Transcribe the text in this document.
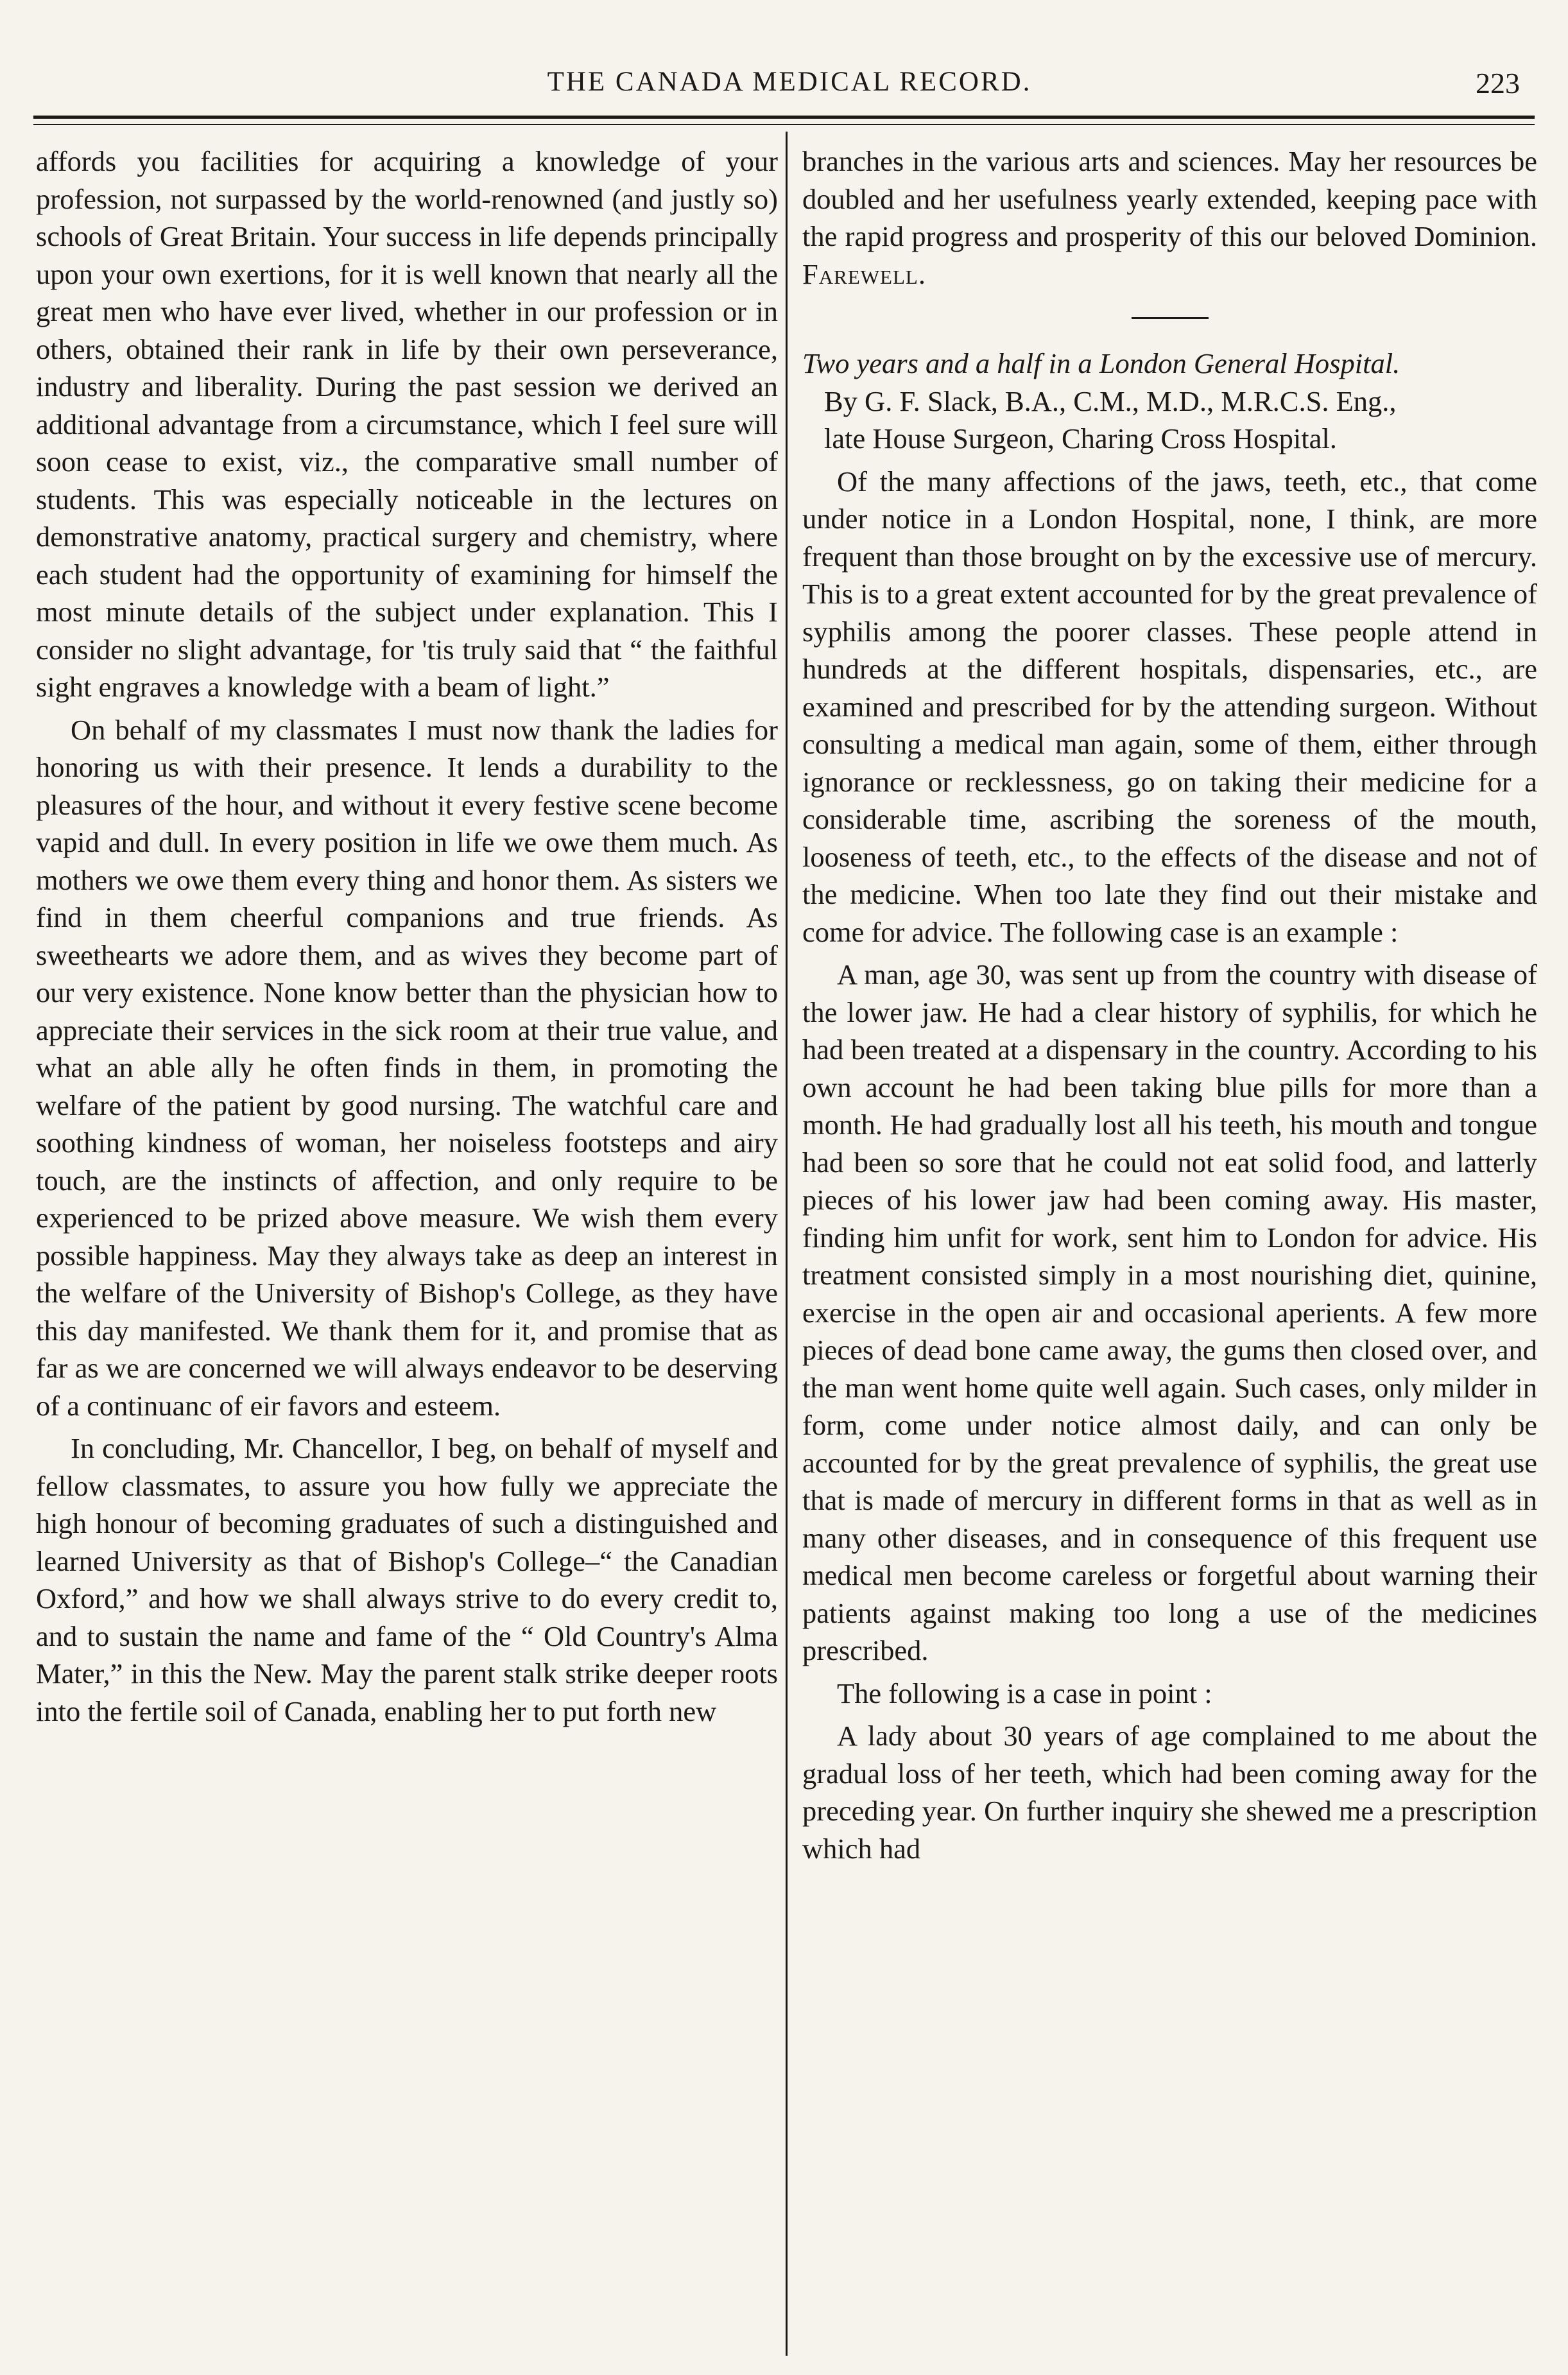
THE CANADA MEDICAL RECORD.	223

affords you facilities for acquiring a knowledge of your profession, not surpassed by the world-renowned (and justly so) schools of Great Britain. Your success in life depends principally upon your own exertions, for it is well known that nearly all the great men who have ever lived, whether in our profession or in others, obtained their rank in life by their own perseverance, industry and liberality. During the past session we derived an additional advantage from a circumstance, which I feel sure will soon cease to exist, viz., the comparative small number of students. This was especially noticeable in the lectures on demonstrative anatomy, practical surgery and chemistry, where each student had the opportunity of examining for himself the most minute details of the subject under explanation. This I consider no slight advantage, for 'tis truly said that “ the faithful sight engraves a knowledge with a beam of light.”

On behalf of my classmates I must now thank the ladies for honoring us with their presence. It lends a durability to the pleasures of the hour, and without it every festive scene become vapid and dull. In every position in life we owe them much. As mothers we owe them every thing and honor them. As sisters we find in them cheerful companions and true friends. As sweethearts we adore them, and as wives they become part of our very existence. None know better than the physician how to appreciate their services in the sick room at their true value, and what an able ally he often finds in them, in promoting the welfare of the patient by good nursing. The watchful care and soothing kindness of woman, her noiseless footsteps and airy touch, are the instincts of affection, and only require to be experienced to be prized above measure. We wish them every possible happiness. May they always take as deep an interest in the welfare of the University of Bishop's College, as they have this day manifested. We thank them for it, and promise that as far as we are concerned we will always endeavor to be deserving of a continuanc of eir favors and esteem.

In concluding, Mr. Chancellor, I beg, on behalf of myself and fellow classmates, to assure you how fully we appreciate the high honour of becoming graduates of such a distinguished and learned University as that of Bishop's College–“ the Canadian Oxford,” and how we shall always strive to do every credit to, and to sustain the name and fame of the “ Old Country's Alma Mater,” in this the New. May the parent stalk strike deeper roots into the fertile soil of Canada, enabling her to put forth new

branches in the various arts and sciences. May her resources be doubled and her usefulness yearly extended, keeping pace with the rapid progress and prosperity of this our beloved Dominion. Farewell.

Two years and a half in a London General Hospital.

By G. F. Slack, B.A., C.M., M.D., M.R.C.S. Eng.,
late House Surgeon, Charing Cross Hospital.

Of the many affections of the jaws, teeth, etc., that come under notice in a London Hospital, none, I think, are more frequent than those brought on by the excessive use of mercury. This is to a great extent accounted for by the great prevalence of syphilis among the poorer classes. These people attend in hundreds at the different hospitals, dispensaries, etc., are examined and prescribed for by the attending surgeon. Without consulting a medical man again, some of them, either through ignorance or recklessness, go on taking their medicine for a considerable time, ascribing the soreness of the mouth, looseness of teeth, etc., to the effects of the disease and not of the medicine. When too late they find out their mistake and come for advice. The following case is an example :

A man, age 30, was sent up from the country with disease of the lower jaw. He had a clear history of syphilis, for which he had been treated at a dispensary in the country. According to his own account he had been taking blue pills for more than a month. He had gradually lost all his teeth, his mouth and tongue had been so sore that he could not eat solid food, and latterly pieces of his lower jaw had been coming away. His master, finding him unfit for work, sent him to London for advice. His treatment consisted simply in a most nourishing diet, quinine, exercise in the open air and occasional aperients. A few more pieces of dead bone came away, the gums then closed over, and the man went home quite well again. Such cases, only milder in form, come under notice almost daily, and can only be accounted for by the great prevalence of syphilis, the great use that is made of mercury in different forms in that as well as in many other diseases, and in consequence of this frequent use medical men become careless or forgetful about warning their patients against making too long a use of the medicines prescribed.

The following is a case in point :

A lady about 30 years of age complained to me about the gradual loss of her teeth, which had been coming away for the preceding year. On further inquiry she shewed me a prescription which had
